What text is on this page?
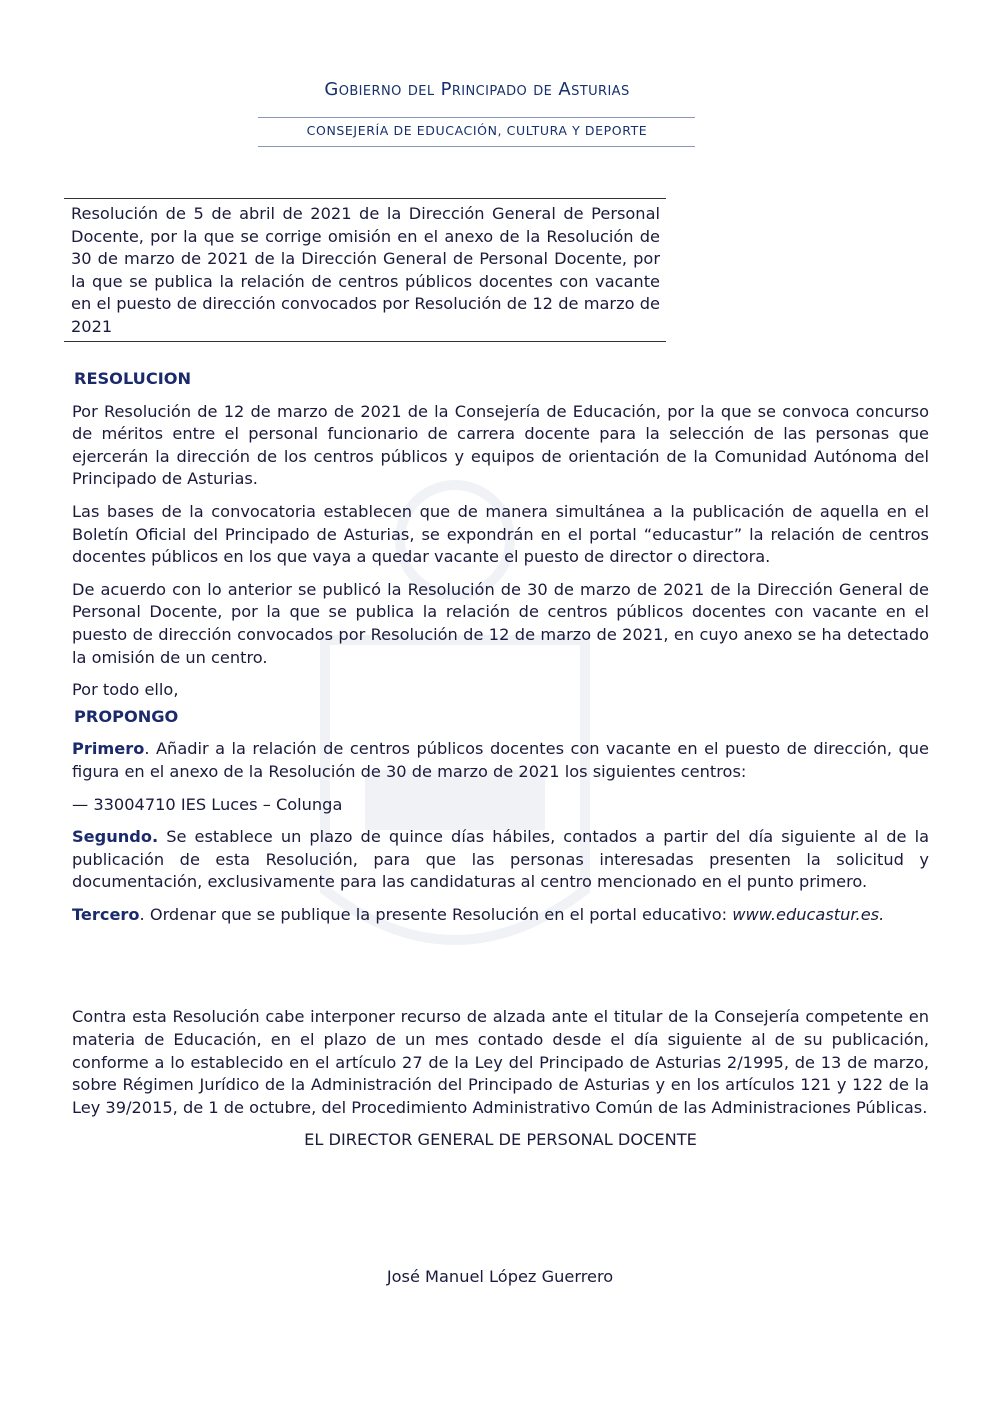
Gobierno del Principado de Asturias
CONSEJERÍA DE EDUCACIÓN, CULTURA Y DEPORTE
Resolución de 5 de abril de 2021 de la Dirección General de Personal Docente, por la que se corrige omisión en el anexo de la Resolución de 30 de marzo de 2021 de la Dirección General de Personal Docente, por la que se publica la relación de centros públicos docentes con vacante en el puesto de dirección convocados por Resolución de 12 de marzo de 2021

RESOLUCION

Por Resolución de 12 de marzo de 2021 de la Consejería de Educación, por la que se convoca concurso de méritos entre el personal funcionario de carrera docente para la selección de las personas que ejercerán la dirección de los centros públicos y equipos de orientación de la Comunidad Autónoma del Principado de Asturias.

Las bases de la convocatoria establecen que de manera simultánea a la publicación de aquella en el Boletín Oficial del Principado de Asturias, se expondrán en el portal “educastur” la relación de centros docentes públicos en los que vaya a quedar vacante el puesto de director o directora.

De acuerdo con lo anterior se publicó la Resolución de 30 de marzo de 2021 de la Dirección General de Personal Docente, por la que se publica la relación de centros públicos docentes con vacante en el puesto de dirección convocados por Resolución de 12 de marzo de 2021, en cuyo anexo se ha detectado la omisión de un centro.

Por todo ello,

PROPONGO

Primero. Añadir a la relación de centros públicos docentes con vacante en el puesto de dirección, que figura en el anexo de la Resolución de 30 de marzo de 2021 los siguientes centros:

— 33004710 IES Luces – Colunga

Segundo. Se establece un plazo de quince días hábiles, contados a partir del día siguiente al de la publicación de esta Resolución, para que las personas interesadas presenten la solicitud y documentación, exclusivamente para las candidaturas al centro mencionado en el punto primero.

Tercero. Ordenar que se publique la presente Resolución en el portal educativo: www.educastur.es.

Contra esta Resolución cabe interponer recurso de alzada ante el titular de la Consejería competente en materia de Educación, en el plazo de un mes contado desde el día siguiente al de su publicación, conforme a lo establecido en el artículo 27 de la Ley del Principado de Asturias 2/1995, de 13 de marzo, sobre Régimen Jurídico de la Administración del Principado de Asturias y en los artículos 121 y 122 de la Ley 39/2015, de 1 de octubre, del Procedimiento Administrativo Común de las Administraciones Públicas.

EL DIRECTOR GENERAL DE PERSONAL DOCENTE

José Manuel López Guerrero
